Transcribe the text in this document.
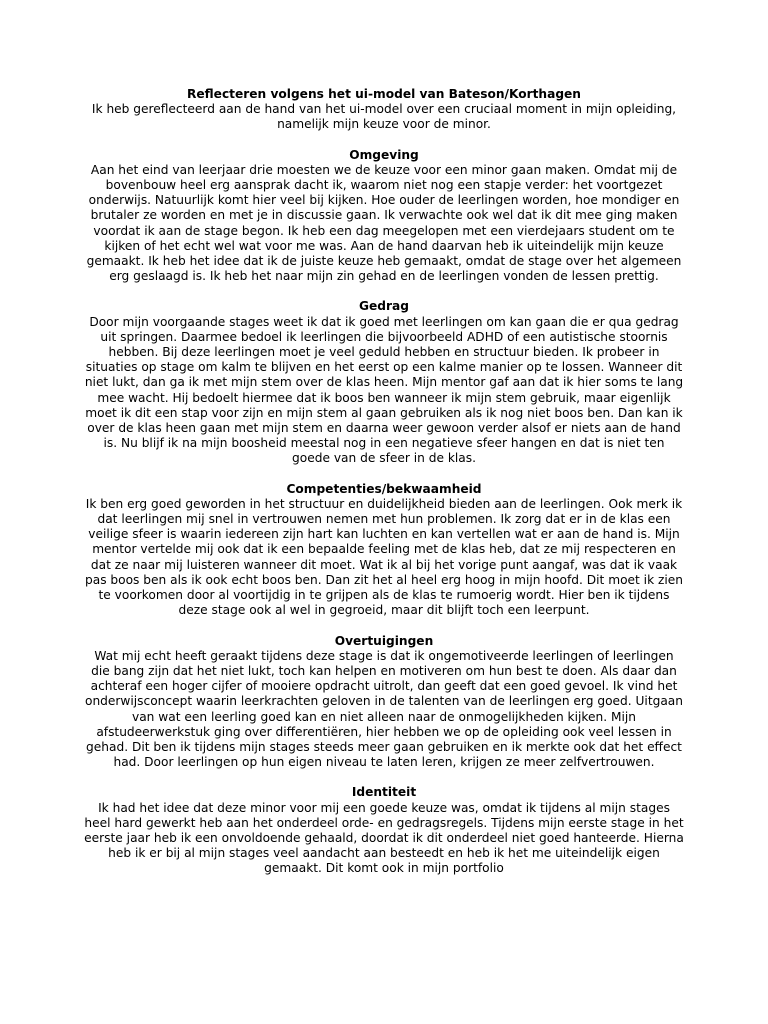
Reflecteren volgens het ui-model van Bateson/Korthagen

Ik heb gereflecteerd aan de hand van het ui-model over een cruciaal moment in mijn opleiding, namelijk mijn keuze voor de minor.

Omgeving

Aan het eind van leerjaar drie moesten we de keuze voor een minor gaan maken. Omdat mij de bovenbouw heel erg aansprak dacht ik, waarom niet nog een stapje verder: het voortgezet onderwijs. Natuurlijk komt hier veel bij kijken. Hoe ouder de leerlingen worden, hoe mondiger en brutaler ze worden en met je in discussie gaan. Ik verwachte ook wel dat ik dit mee ging maken voordat ik aan de stage begon. Ik heb een dag meegelopen met een vierdejaars student om te kijken of het echt wel wat voor me was. Aan de hand daarvan heb ik uiteindelijk mijn keuze gemaakt. Ik heb het idee dat ik de juiste keuze heb gemaakt, omdat de stage over het algemeen erg geslaagd is. Ik heb het naar mijn zin gehad en de leerlingen vonden de lessen prettig.

Gedrag

Door mijn voorgaande stages weet ik dat ik goed met leerlingen om kan gaan die er qua gedrag uit springen. Daarmee bedoel ik leerlingen die bijvoorbeeld ADHD of een autistische stoornis hebben. Bij deze leerlingen moet je veel geduld hebben en structuur bieden. Ik probeer in situaties op stage om kalm te blijven en het eerst op een kalme manier op te lossen. Wanneer dit niet lukt, dan ga ik met mijn stem over de klas heen. Mijn mentor gaf aan dat ik hier soms te lang mee wacht. Hij bedoelt hiermee dat ik boos ben wanneer ik mijn stem gebruik, maar eigenlijk moet ik dit een stap voor zijn en mijn stem al gaan gebruiken als ik nog niet boos ben. Dan kan ik over de klas heen gaan met mijn stem en daarna weer gewoon verder alsof er niets aan de hand is. Nu blijf ik na mijn boosheid meestal nog in een negatieve sfeer hangen en dat is niet ten goede van de sfeer in de klas.

Competenties/bekwaamheid

Ik ben erg goed geworden in het structuur en duidelijkheid bieden aan de leerlingen. Ook merk ik dat leerlingen mij snel in vertrouwen nemen met hun problemen. Ik zorg dat er in de klas een veilige sfeer is waarin iedereen zijn hart kan luchten en kan vertellen wat er aan de hand is. Mijn mentor vertelde mij ook dat ik een bepaalde feeling met de klas heb, dat ze mij respecteren en dat ze naar mij luisteren wanneer dit moet. Wat ik al bij het vorige punt aangaf, was dat ik vaak pas boos ben als ik ook echt boos ben. Dan zit het al heel erg hoog in mijn hoofd. Dit moet ik zien te voorkomen door al voortijdig in te grijpen als de klas te rumoerig wordt. Hier ben ik tijdens deze stage ook al wel in gegroeid, maar dit blijft toch een leerpunt.

Overtuigingen

Wat mij echt heeft geraakt tijdens deze stage is dat ik ongemotiveerde leerlingen of leerlingen die bang zijn dat het niet lukt, toch kan helpen en motiveren om hun best te doen. Als daar dan achteraf een hoger cijfer of mooiere opdracht uitrolt, dan geeft dat een goed gevoel. Ik vind het onderwijsconcept waarin leerkrachten geloven in de talenten van de leerlingen erg goed. Uitgaan van wat een leerling goed kan en niet alleen naar de onmogelijkheden kijken. Mijn afstudeerwerkstuk ging over differentiëren, hier hebben we op de opleiding ook veel lessen in gehad. Dit ben ik tijdens mijn stages steeds meer gaan gebruiken en ik merkte ook dat het effect had. Door leerlingen op hun eigen niveau te laten leren, krijgen ze meer zelfvertrouwen.

Identiteit

Ik had het idee dat deze minor voor mij een goede keuze was, omdat ik tijdens al mijn stages heel hard gewerkt heb aan het onderdeel orde- en gedragsregels. Tijdens mijn eerste stage in het eerste jaar heb ik een onvoldoende gehaald, doordat ik dit onderdeel niet goed hanteerde. Hierna heb ik er bij al mijn stages veel aandacht aan besteedt en heb ik het me uiteindelijk eigen gemaakt. Dit komt ook in mijn portfolio
